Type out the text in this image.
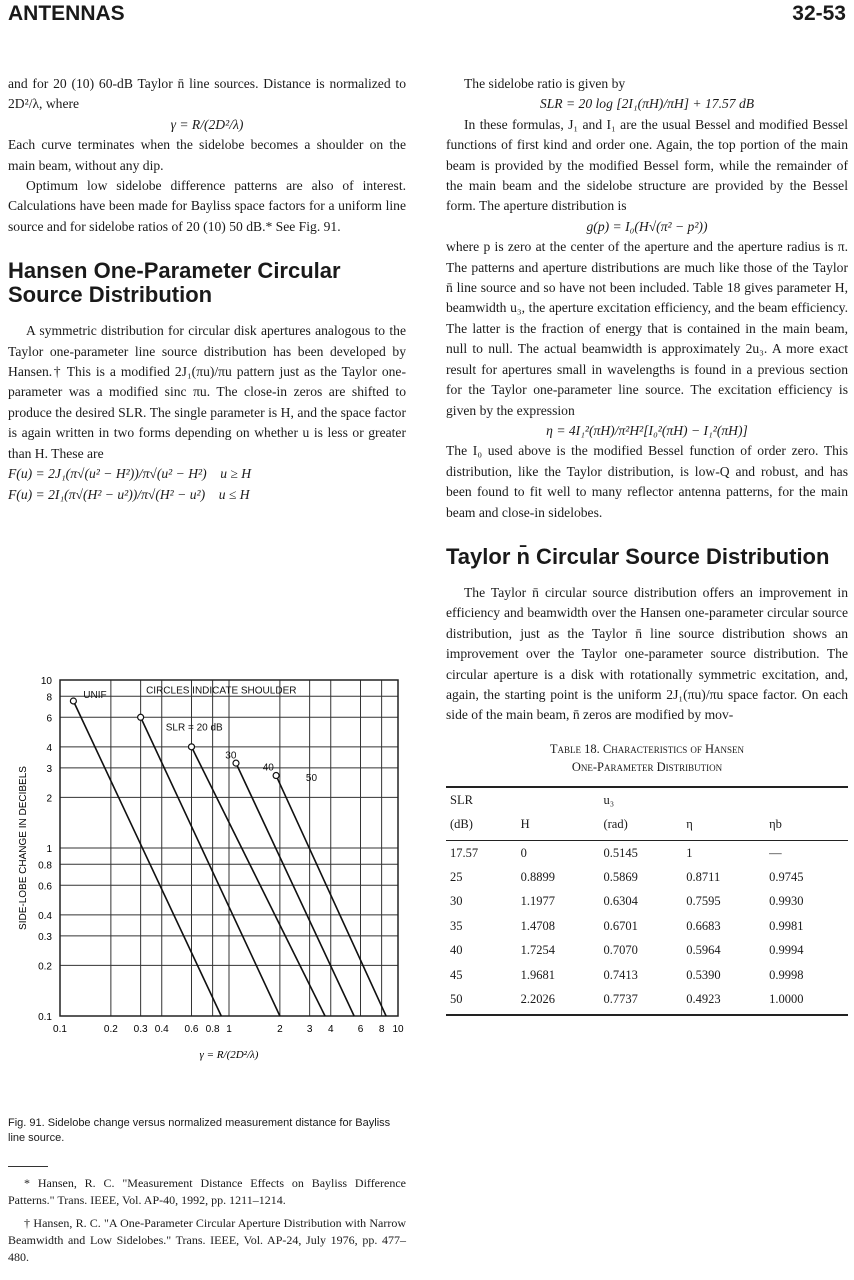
ANTENNAS	32-53

and for 20 (10) 60-dB Taylor n̄ line sources. Distance is normalized to 2D²/λ, where

γ = R/(2D²/λ)

Each curve terminates when the sidelobe becomes a shoulder on the main beam, without any dip.

Optimum low sidelobe difference patterns are also of interest. Calculations have been made for Bayliss space factors for a uniform line source and for sidelobe ratios of 20 (10) 50 dB.* See Fig. 91.

Hansen One-Parameter Circular Source Distribution

A symmetric distribution for circular disk apertures analogous to the Taylor one-parameter line source distribution has been developed by Hansen.† This is a modified 2J₁(πu)/πu pattern just as the Taylor one-parameter was a modified sinc πu. The close-in zeros are shifted to produce the desired SLR. The single parameter is H, and the space factor is again written in two forms depending on whether u is less or greater than H. These are

F(u) = 2J₁(π√(u² − H²))/π√(u² − H²) u ≥ H

F(u) = 2I₁(π√(H² − u²))/π√(H² − u²) u ≤ H

0.1	0.2 0.3 0.4 0.6 0.8 1	2 3 4 6 8 10
0.1
0.2
0.3
0.4
0.6
0.8
1
2
3
4
6
8
10
UNIF
SLR = 20 dB
30
40
50
CIRCLES INDICATE SHOULDER
γ = R/(2D²/λ)
SIDE-LOBE CHANGE IN DECIBELS
Fig. 91. Sidelobe change versus normalized measurement distance for Bayliss line source.

* Hansen, R. C. "Measurement Distance Effects on Bayliss Difference Patterns." Trans. IEEE, Vol. AP-40, 1992, pp. 1211–1214.

† Hansen, R. C. "A One-Parameter Circular Aperture Distribution with Narrow Beamwidth and Low Sidelobes." Trans. IEEE, Vol. AP-24, July 1976, pp. 477–480.

The sidelobe ratio is given by

SLR = 20 log [2I₁(πH)/πH] + 17.57 dB

In these formulas, J₁ and I₁ are the usual Bessel and modified Bessel functions of first kind and order one. Again, the top portion of the main beam is provided by the modified Bessel form, while the remainder of the main beam and the sidelobe structure are provided by the Bessel form. The aperture distribution is

g(p) = I₀(H√(π² − p²))

where p is zero at the center of the aperture and the aperture radius is π. The patterns and aperture distributions are much like those of the Taylor n̄ line source and so have not been included. Table 18 gives parameter H, beamwidth u₃, the aperture excitation efficiency, and the beam efficiency. The latter is the fraction of energy that is contained in the main beam, null to null. The actual beamwidth is approximately 2u₃. A more exact result for apertures small in wavelengths is found in a previous section for the Taylor one-parameter line source. The excitation efficiency is given by the expression

η = 4I₁²(πH)/π²H²[I₀²(πH) − I₁²(πH)]

The I₀ used above is the modified Bessel function of order zero. This distribution, like the Taylor distribution, is low-Q and robust, and has been found to fit well to many reflector antenna patterns, for the main beam and close-in sidelobes.

Taylor n̄ Circular Source Distribution

The Taylor n̄ circular source distribution offers an improvement in efficiency and beamwidth over the Hansen one-parameter circular source distribution, just as the Taylor n̄ line source distribution shows an improvement over the Taylor one-parameter source distribution. The circular aperture is a disk with rotationally symmetric excitation, and, again, the starting point is the uniform 2J₁(πu)/πu space factor. On each side of the main beam, n̄ zeros are modified by mov-

Table 18. Characteristics of Hansen
One-Parameter Distribution
SLR		u₃		
(dB)	H	(rad)	η	ηb
17.57	0	0.5145	1	—
25	0.8899	0.5869	0.8711	0.9745
30	1.1977	0.6304	0.7595	0.9930
35	1.4708	0.6701	0.6683	0.9981
40	1.7254	0.7070	0.5964	0.9994
45	1.9681	0.7413	0.5390	0.9998
50	2.2026	0.7737	0.4923	1.0000
